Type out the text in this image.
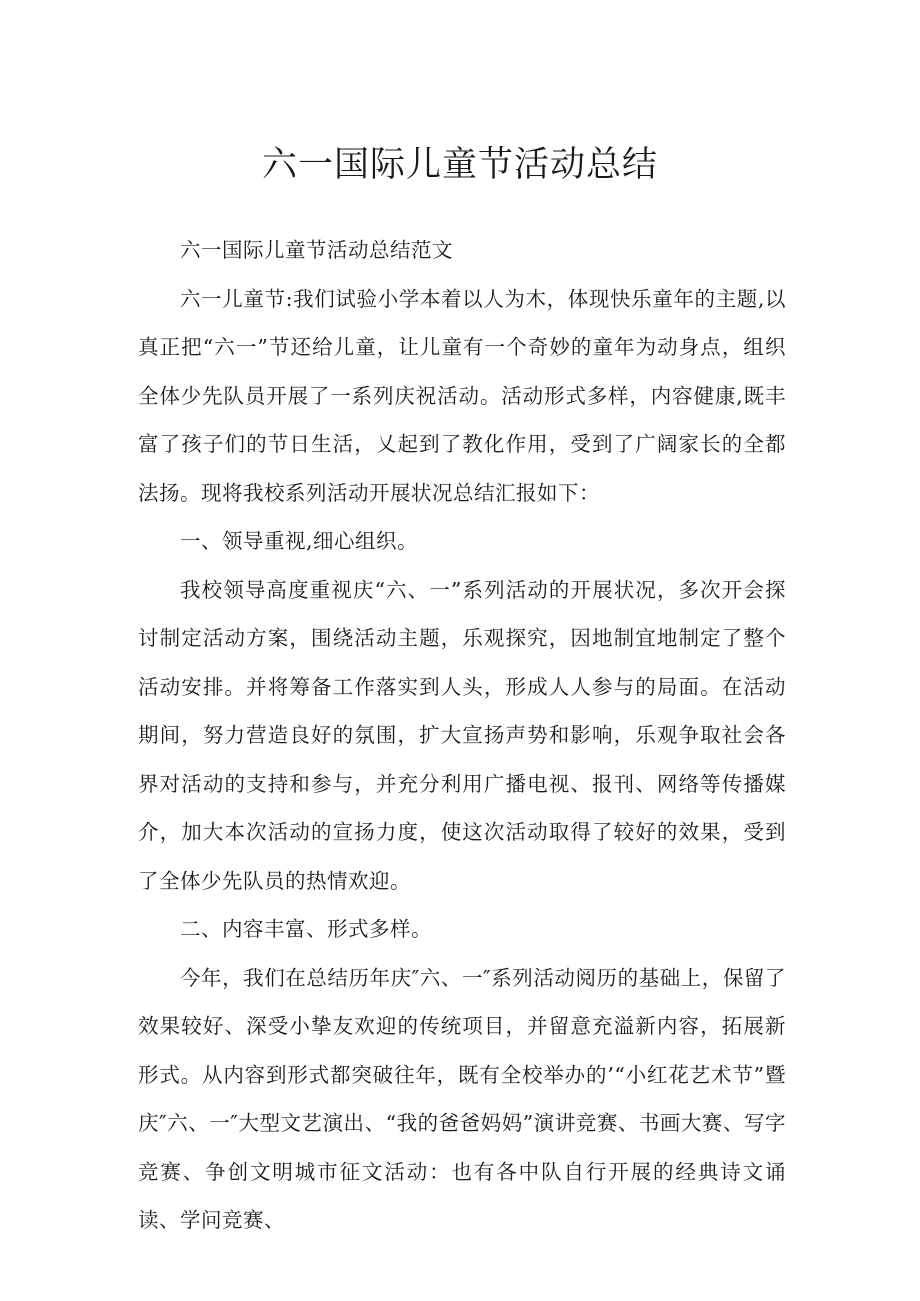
六一国际儿童节活动总结

六一国际儿童节活动总结范文

六一儿童节:我们试验小学本着以人为木，体现快乐童年的主题,以真正把“六一”节还给儿童，让儿童有一个奇妙的童年为动身点，组织全体少先队员开展了一系列庆祝活动。活动形式多样，内容健康,既丰富了孩子们的节日生活，乂起到了教化作用，受到了广阔家长的全都法扬。现将我校系列活动开展状况总结汇报如下：

一、领导重视,细心组织。

我校领导高度重视庆“六、一”系列活动的开展状况，多次开会探讨制定活动方案，围绕活动主题，乐观探究，因地制宜地制定了整个活动安排。并将筹备工作落实到人头，形成人人参与的局面。在活动期间，努力营造良好的氛围，扩大宣扬声势和影响，乐观争取社会各界对活动的支持和参与，并充分利用广播电视、报刊、网络等传播媒介，加大本次活动的宣扬力度，使这次活动取得了较好的效果，受到了全体少先队员的热情欢迎。

二、内容丰富、形式多样。

今年，我们在总结历年庆″六、一″系列活动阅历的基础上，保留了效果较好、深受小挚友欢迎的传统项目，并留意充溢新内容，拓展新形式。从内容到形式都突破往年，既有全校举办的’“小红花艺术节”暨庆″六、一″大型文艺演出、“我的爸爸妈妈”演讲竞赛、书画大赛、写字竞赛、争创文明城市征文活动：也有各中队自行开展的经典诗文诵读、学问竞赛、
